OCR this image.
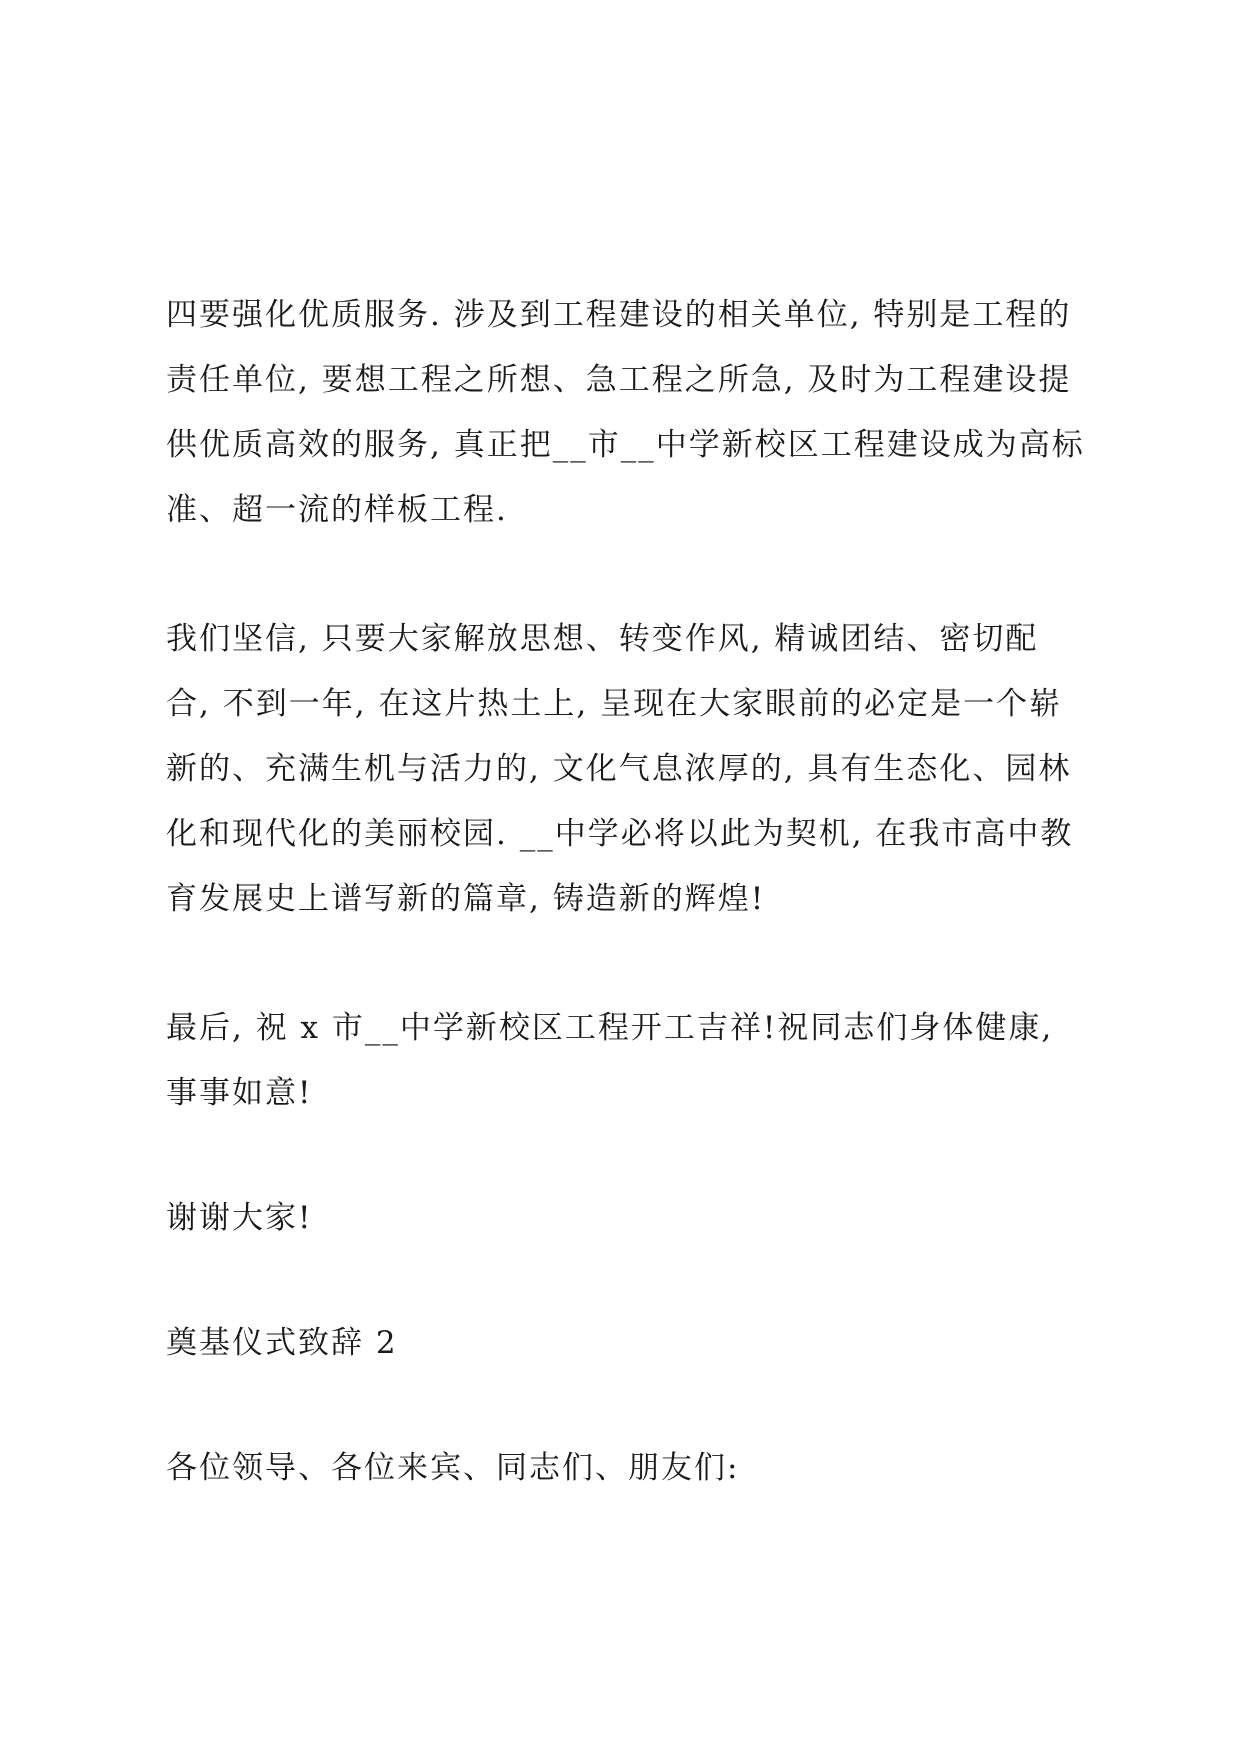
四要强化优质服务. 涉及到工程建设的相关单位, 特别是工程的
责任单位, 要想工程之所想、急工程之所急, 及时为工程建设提
供优质高效的服务, 真正把__市__中学新校区工程建设成为高标
准、超一流的样板工程.
我们坚信, 只要大家解放思想、转变作风, 精诚团结、密切配
合, 不到一年, 在这片热土上, 呈现在大家眼前的必定是一个崭
新的、充满生机与活力的, 文化气息浓厚的, 具有生态化、园林
化和现代化的美丽校园. __中学必将以此为契机, 在我市高中教
育发展史上谱写新的篇章, 铸造新的辉煌!
最后, 祝 x 市__中学新校区工程开工吉祥!祝同志们身体健康,
事事如意!
谢谢大家!
奠基仪式致辞 2
各位领导、各位来宾、同志们、朋友们:
